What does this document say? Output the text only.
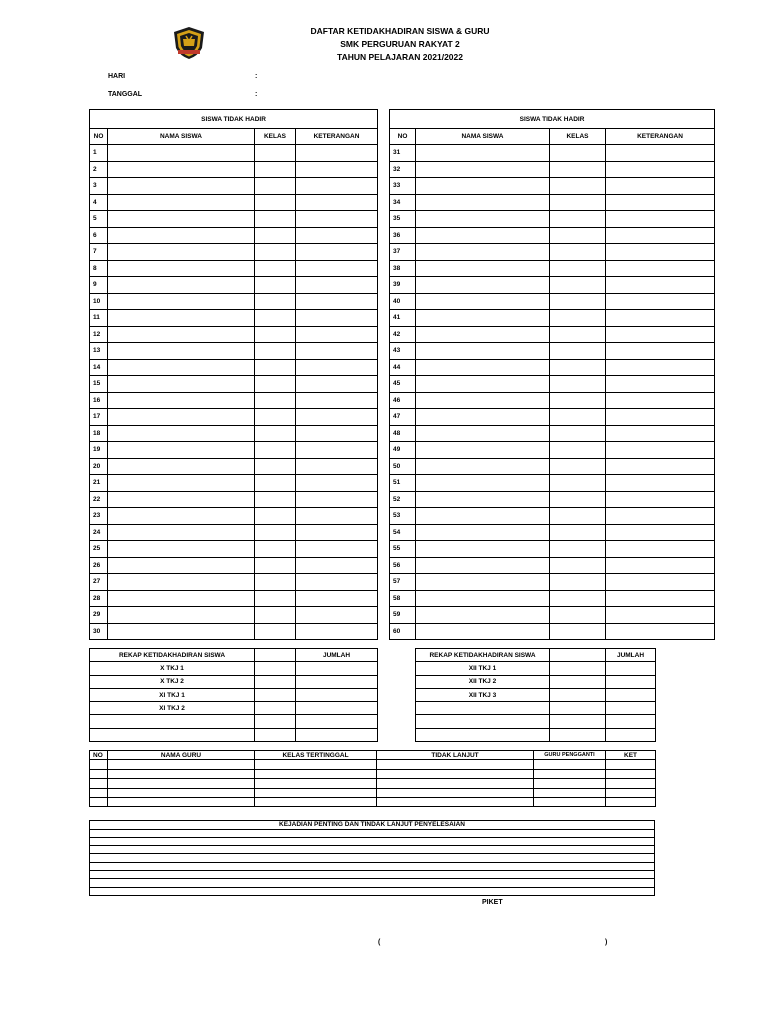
DAFTAR KETIDAKHADIRAN SISWA & GURU
SMK PERGURUAN RAKYAT 2
TAHUN PELAJARAN 2021/2022
HARI	:
TANGGAL	:
SISWA TIDAK HADIR			
NO	NAMA SISWA	KELAS	KETERANGAN
1			
2			
3			
4			
5			
6			
7			
8			
9			
10			
11			
12			
13			
14			
15			
16			
17			
18			
19			
20			
21			
22			
23			
24			
25			
26			
27			
28			
29			
30			
SISWA TIDAK HADIR			
NO	NAMA SISWA	KELAS	KETERANGAN
31			
32			
33			
34			
35			
36			
37			
38			
39			
40			
41			
42			
43			
44			
45			
46			
47			
48			
49			
50			
51			
52			
53			
54			
55			
56			
57			
58			
59			
60			
REKAP KETIDAKHADIRAN SISWA		JUMLAH
X TKJ 1		
X TKJ 2		
XI TKJ 1		
XI TKJ 2		

REKAP KETIDAKHADIRAN SISWA		JUMLAH
XII TKJ 1		
XII TKJ 2		
XII TKJ 3		

NO	NAMA GURU	KELAS TERTINGGAL	TIDAK LANJUT	GURU PENGGANTI	KET

KEJADIAN PENTING DAN TINDAK LANJUT PENYELESAIAN

PIKET
(	)
